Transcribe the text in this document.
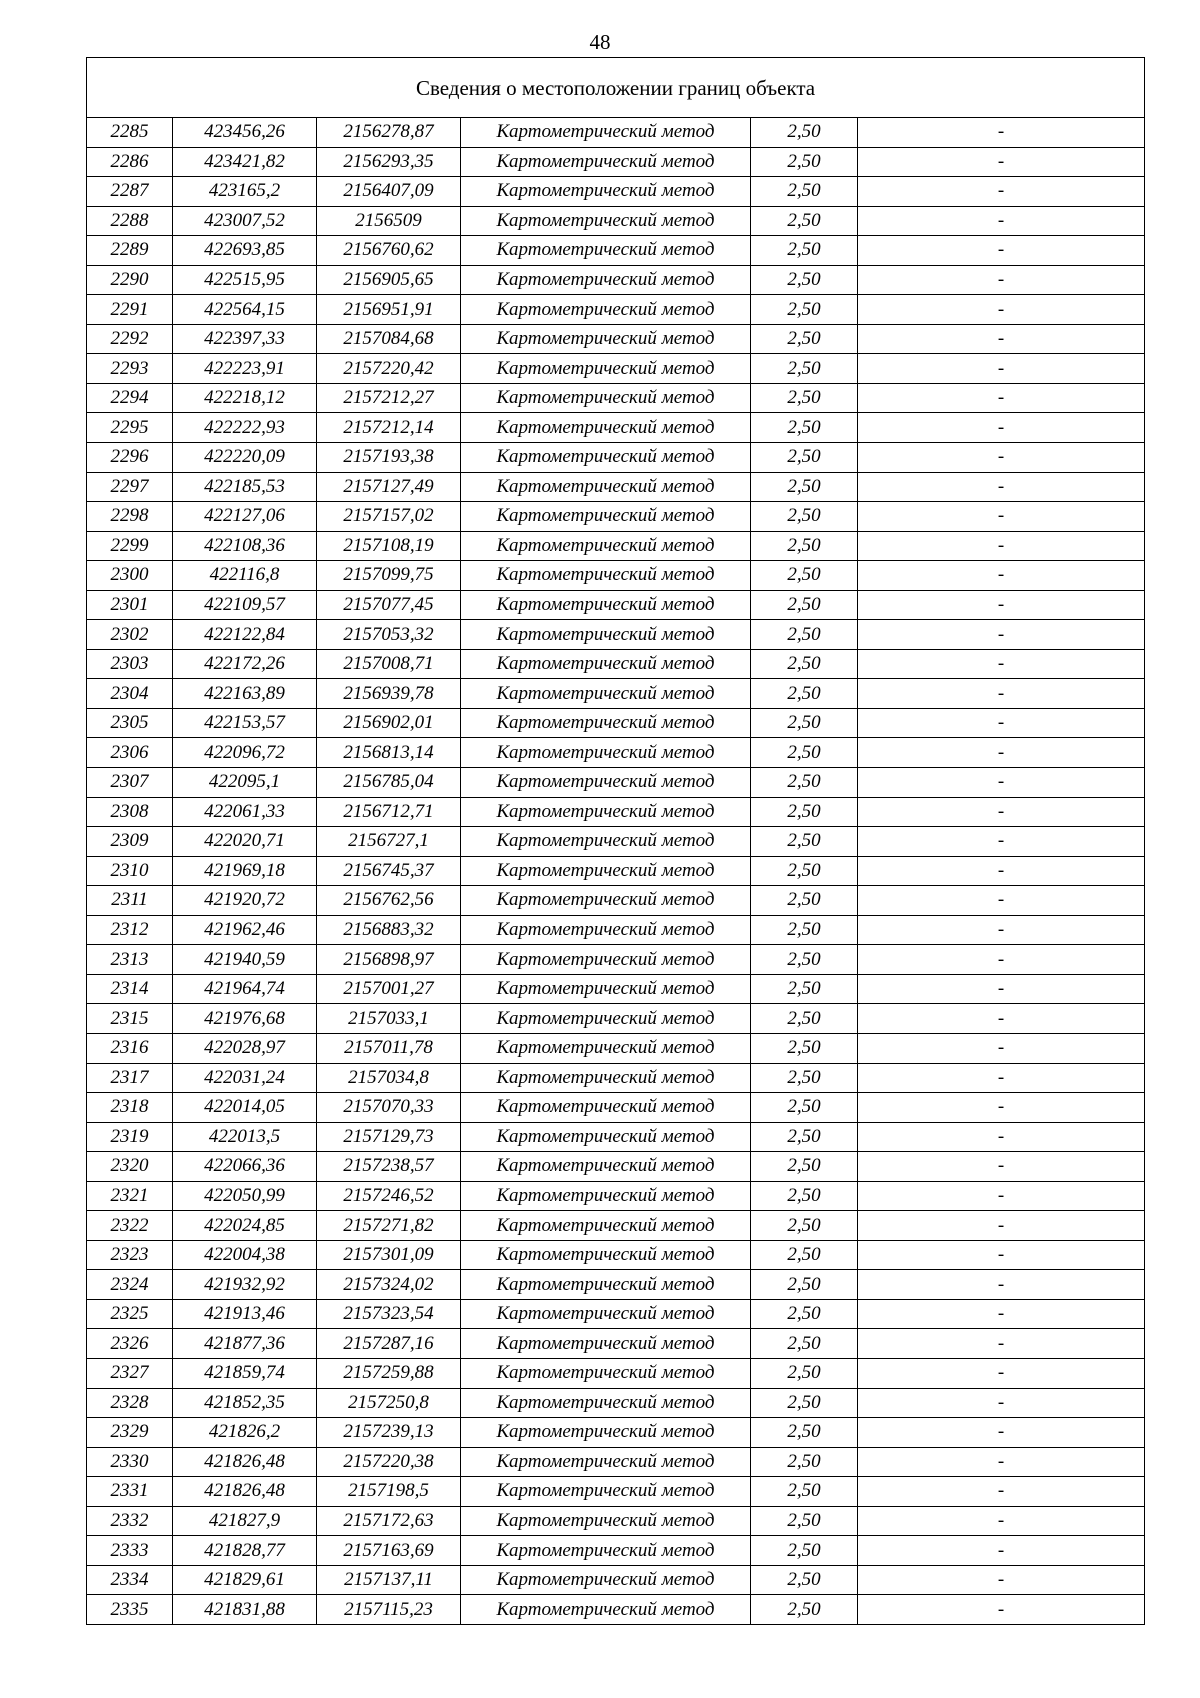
48
Сведения о местоположении границ объекта					
2285	423456,26	2156278,87	Картометрический метод	2,50	-
2286	423421,82	2156293,35	Картометрический метод	2,50	-
2287	423165,2	2156407,09	Картометрический метод	2,50	-
2288	423007,52	2156509	Картометрический метод	2,50	-
2289	422693,85	2156760,62	Картометрический метод	2,50	-
2290	422515,95	2156905,65	Картометрический метод	2,50	-
2291	422564,15	2156951,91	Картометрический метод	2,50	-
2292	422397,33	2157084,68	Картометрический метод	2,50	-
2293	422223,91	2157220,42	Картометрический метод	2,50	-
2294	422218,12	2157212,27	Картометрический метод	2,50	-
2295	422222,93	2157212,14	Картометрический метод	2,50	-
2296	422220,09	2157193,38	Картометрический метод	2,50	-
2297	422185,53	2157127,49	Картометрический метод	2,50	-
2298	422127,06	2157157,02	Картометрический метод	2,50	-
2299	422108,36	2157108,19	Картометрический метод	2,50	-
2300	422116,8	2157099,75	Картометрический метод	2,50	-
2301	422109,57	2157077,45	Картометрический метод	2,50	-
2302	422122,84	2157053,32	Картометрический метод	2,50	-
2303	422172,26	2157008,71	Картометрический метод	2,50	-
2304	422163,89	2156939,78	Картометрический метод	2,50	-
2305	422153,57	2156902,01	Картометрический метод	2,50	-
2306	422096,72	2156813,14	Картометрический метод	2,50	-
2307	422095,1	2156785,04	Картометрический метод	2,50	-
2308	422061,33	2156712,71	Картометрический метод	2,50	-
2309	422020,71	2156727,1	Картометрический метод	2,50	-
2310	421969,18	2156745,37	Картометрический метод	2,50	-
2311	421920,72	2156762,56	Картометрический метод	2,50	-
2312	421962,46	2156883,32	Картометрический метод	2,50	-
2313	421940,59	2156898,97	Картометрический метод	2,50	-
2314	421964,74	2157001,27	Картометрический метод	2,50	-
2315	421976,68	2157033,1	Картометрический метод	2,50	-
2316	422028,97	2157011,78	Картометрический метод	2,50	-
2317	422031,24	2157034,8	Картометрический метод	2,50	-
2318	422014,05	2157070,33	Картометрический метод	2,50	-
2319	422013,5	2157129,73	Картометрический метод	2,50	-
2320	422066,36	2157238,57	Картометрический метод	2,50	-
2321	422050,99	2157246,52	Картометрический метод	2,50	-
2322	422024,85	2157271,82	Картометрический метод	2,50	-
2323	422004,38	2157301,09	Картометрический метод	2,50	-
2324	421932,92	2157324,02	Картометрический метод	2,50	-
2325	421913,46	2157323,54	Картометрический метод	2,50	-
2326	421877,36	2157287,16	Картометрический метод	2,50	-
2327	421859,74	2157259,88	Картометрический метод	2,50	-
2328	421852,35	2157250,8	Картометрический метод	2,50	-
2329	421826,2	2157239,13	Картометрический метод	2,50	-
2330	421826,48	2157220,38	Картометрический метод	2,50	-
2331	421826,48	2157198,5	Картометрический метод	2,50	-
2332	421827,9	2157172,63	Картометрический метод	2,50	-
2333	421828,77	2157163,69	Картометрический метод	2,50	-
2334	421829,61	2157137,11	Картометрический метод	2,50	-
2335	421831,88	2157115,23	Картометрический метод	2,50	-
